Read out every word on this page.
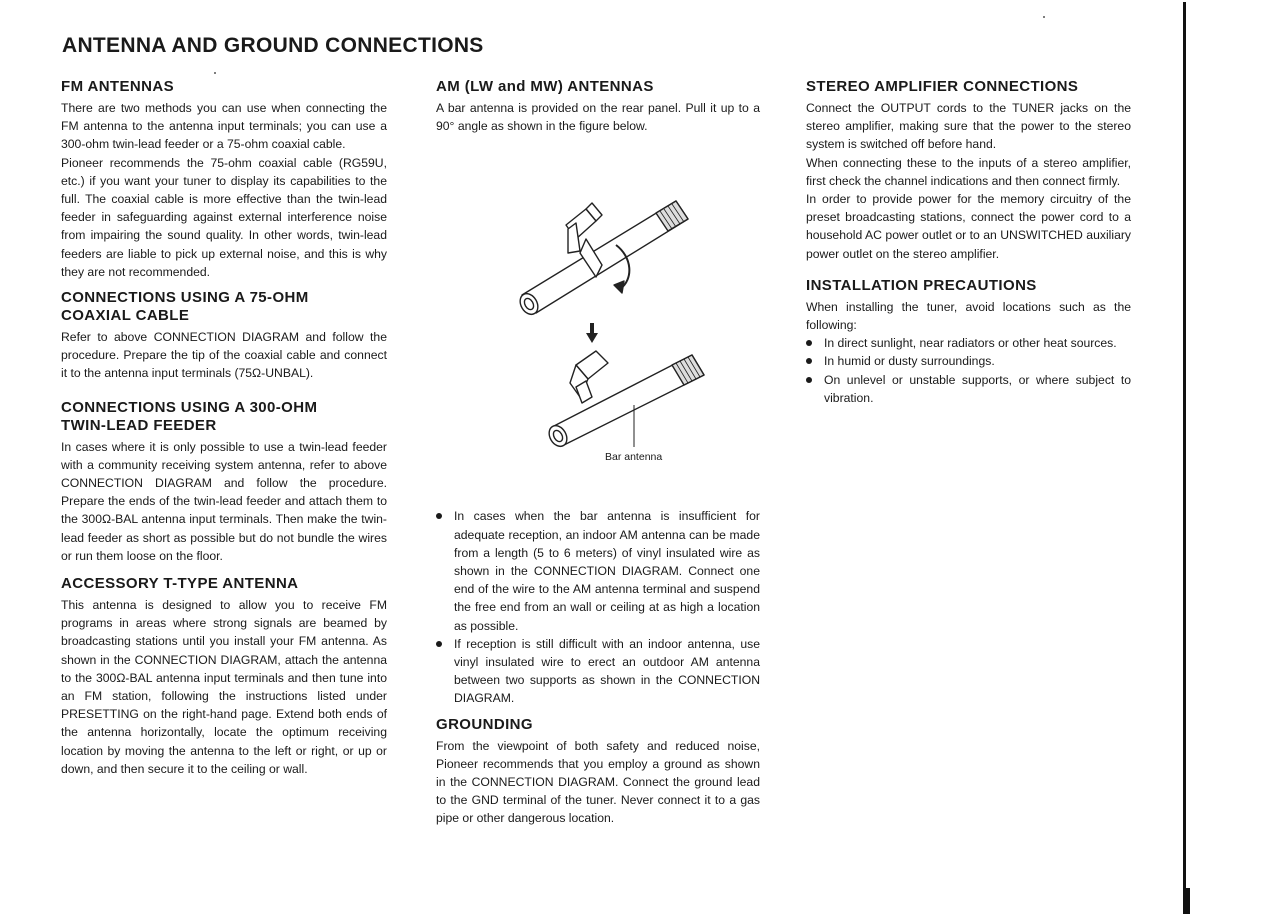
ANTENNA AND GROUND CONNECTIONS
FM ANTENNAS

There are two methods you can use when connecting the FM antenna to the antenna input terminals; you can use a 300-ohm twin-lead feeder or a 75-ohm coaxial cable.

Pioneer recommends the 75-ohm coaxial cable (RG59U, etc.) if you want your tuner to display its capabilities to the full. The coaxial cable is more effective than the twin-lead feeder in safeguarding against external interference noise from impairing the sound quality. In other words, twin-lead feeders are liable to pick up external noise, and this is why they are not recommended.

CONNECTIONS USING A 75-OHM COAXIAL CABLE

Refer to above CONNECTION DIAGRAM and follow the procedure. Prepare the tip of the coaxial cable and connect it to the antenna input terminals (75Ω-UNBAL).

CONNECTIONS USING A 300-OHM TWIN-LEAD FEEDER

In cases where it is only possible to use a twin-lead feeder with a community receiving system antenna, refer to above CONNECTION DIAGRAM and follow the procedure. Prepare the ends of the twin-lead feeder and attach them to the 300Ω-BAL antenna input terminals. Then make the twin-lead feeder as short as possible but do not bundle the wires or run them loose on the floor.

ACCESSORY T-TYPE ANTENNA

This antenna is designed to allow you to receive FM programs in areas where strong signals are beamed by broadcasting stations until you install your FM antenna. As shown in the CONNECTION DIAGRAM, attach the antenna to the 300Ω-BAL antenna input terminals and then tune into an FM station, following the instructions listed under PRESETTING on the right-hand page. Extend both ends of the antenna horizontally, locate the optimum receiving location by moving the antenna to the left or right, or up or down, and then secure it to the ceiling or wall.

AM (LW and MW) ANTENNAS

A bar antenna is provided on the rear panel. Pull it up to a 90° angle as shown in the figure below.

Bar antenna
In cases when the bar antenna is insufficient for adequate reception, an indoor AM antenna can be made from a length (5 to 6 meters) of vinyl insulated wire as shown in the CONNECTION DIAGRAM. Connect one end of the wire to the AM antenna terminal and suspend the free end from an wall or ceiling at as high a location as possible.
If reception is still difficult with an indoor antenna, use vinyl insulated wire to erect an outdoor AM antenna between two supports as shown in the CONNECTION DIAGRAM.
GROUNDING

From the viewpoint of both safety and reduced noise, Pioneer recommends that you employ a ground as shown in the CONNECTION DIAGRAM. Connect the ground lead to the GND terminal of the tuner. Never connect it to a gas pipe or other dangerous location.

STEREO AMPLIFIER CONNECTIONS

Connect the OUTPUT cords to the TUNER jacks on the stereo amplifier, making sure that the power to the stereo system is switched off before hand.

When connecting these to the inputs of a stereo amplifier, first check the channel indications and then connect firmly.

In order to provide power for the memory circuitry of the preset broadcasting stations, connect the power cord to a household AC power outlet or to an UNSWITCHED auxiliary power outlet on the stereo amplifier.

INSTALLATION PRECAUTIONS

When installing the tuner, avoid locations such as the following:

In direct sunlight, near radiators or other heat sources.
In humid or dusty surroundings.
On unlevel or unstable supports, or where subject to vibration.
